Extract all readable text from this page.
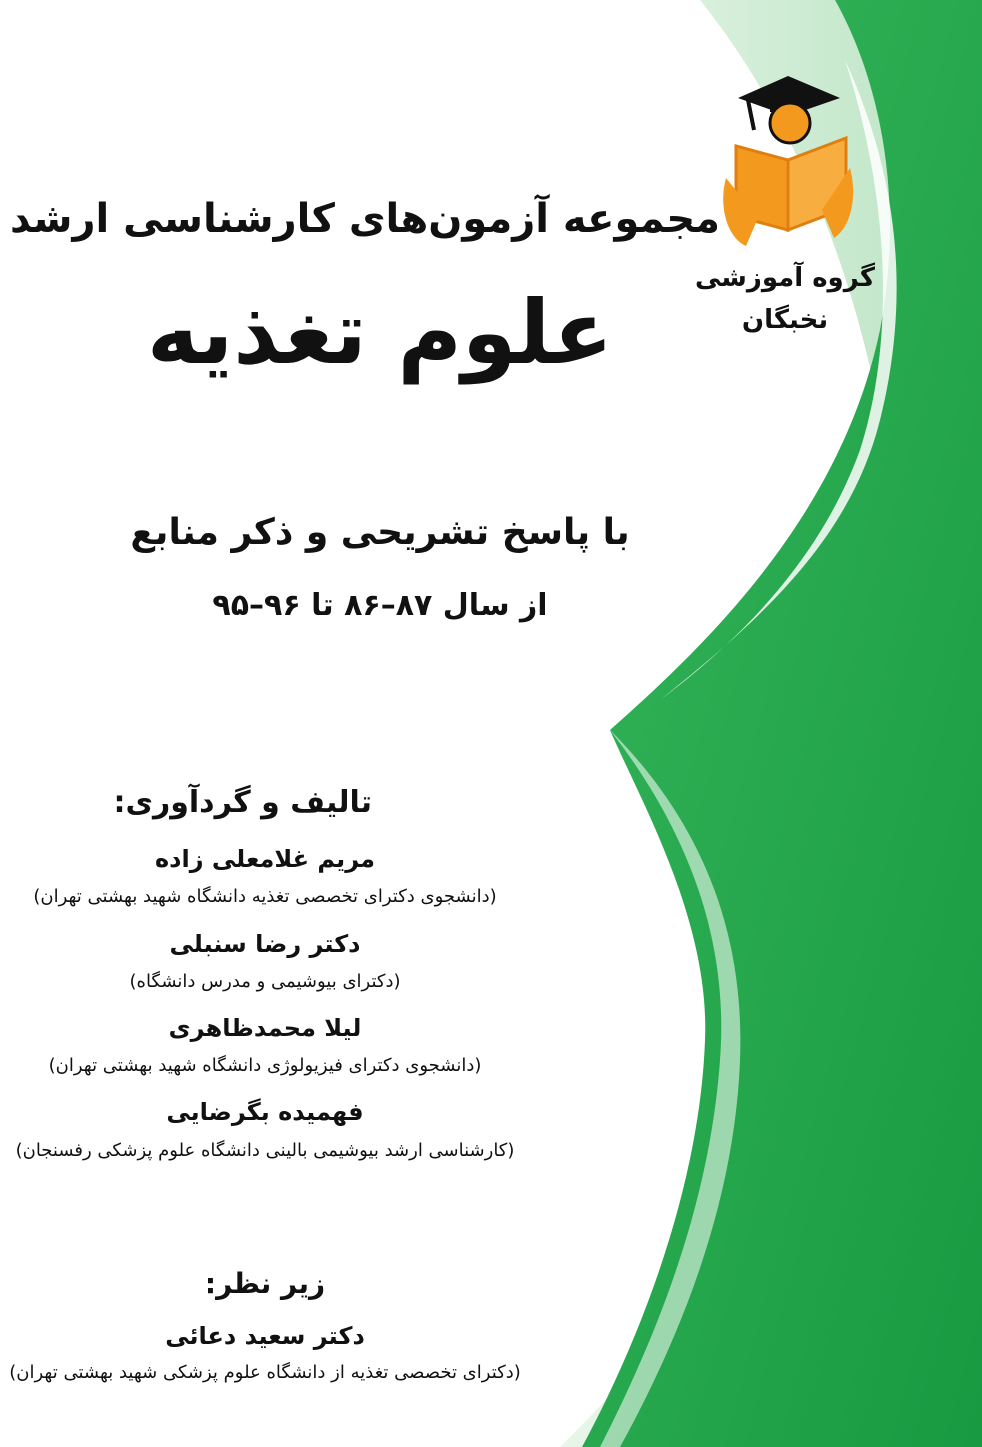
گروه آموزشی
نخبگان
مجموعه آزمون‌های کارشناسی ارشد
علوم تغذیه
با پاسخ تشریحی و ذکر منابع
از سال ۸۷–۸۶ تا ۹۶–۹۵
تالیف و گردآوری:
مریم غلامعلی زاده
(دانشجوی دکترای تخصصی تغذیه دانشگاه شهید بهشتی تهران)
دکتر رضا سنبلی
(دکترای بیوشیمی و مدرس دانشگاه)
لیلا محمدظاهری
(دانشجوی دکترای فیزیولوژی دانشگاه شهید بهشتی تهران)
فهمیده بگرضایی
(کارشناسی ارشد بیوشیمی بالینی دانشگاه علوم پزشکی رفسنجان)
زیر نظر:
دکتر سعید دعائی
(دکترای تخصصی تغذیه از دانشگاه علوم پزشکی شهید بهشتی تهران)
